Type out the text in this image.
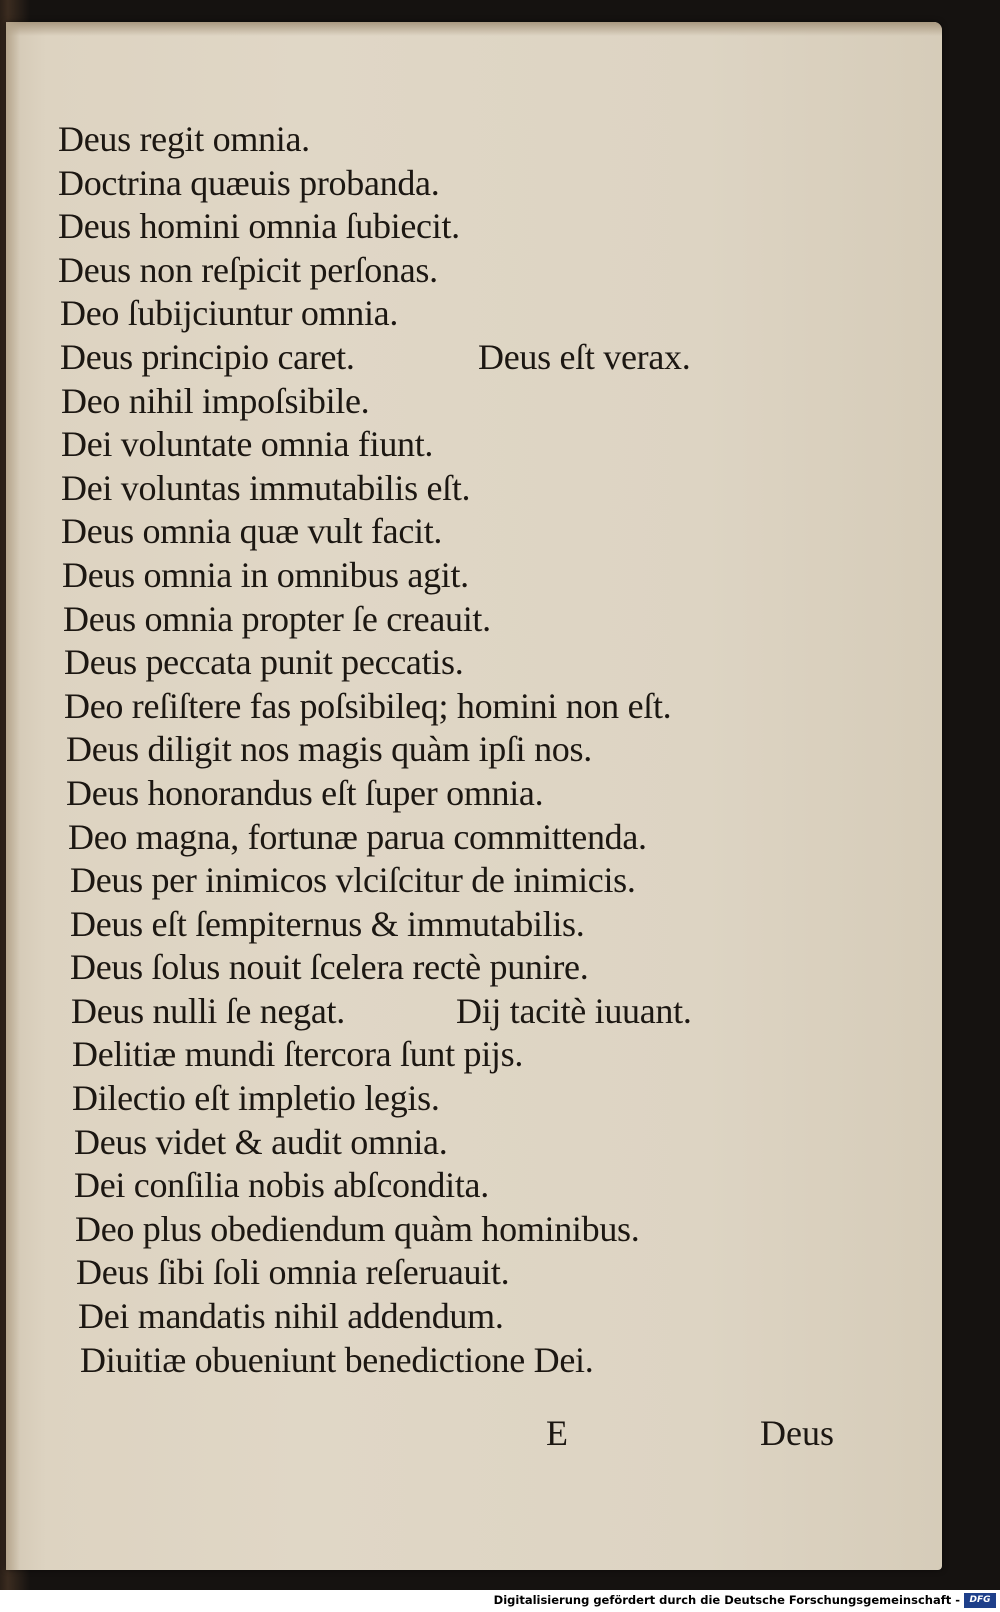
Deus regit omnia.
Doctrina quæuis probanda.
Deus homini omnia ſubiecit.
Deus non reſpicit perſonas.
Deo ſubijciuntur omnia.
Deus principio caret.	Deus eſt verax.
Deo nihil impoſsibile.
Dei voluntate omnia fiunt.
Dei voluntas immutabilis eſt.
Deus omnia quæ vult facit.
Deus omnia in omnibus agit.
Deus omnia propter ſe creauit.
Deus peccata punit peccatis.
Deo reſiſtere fas poſsibileq; homini non eſt.
Deus diligit nos magis quàm ipſi nos.
Deus honorandus eſt ſuper omnia.
Deo magna, fortunæ parua committenda.
Deus per inimicos vlciſcitur de inimicis.
Deus eſt ſempiternus & immutabilis.
Deus ſolus nouit ſcelera rectè punire.
Deus nulli ſe negat.	Dij tacitè iuuant.
Delitiæ mundi ſtercora ſunt pijs.
Dilectio eſt impletio legis.
Deus videt & audit omnia.
Dei conſilia nobis abſcondita.
Deo plus obediendum quàm hominibus.
Deus ſibi ſoli omnia reſeruauit.
Dei mandatis nihil addendum.
Diuitiæ obueniunt benedictione Dei.
E	Deus
Digitalisierung gefördert durch die Deutsche Forschungsgemeinschaft -	DFG
